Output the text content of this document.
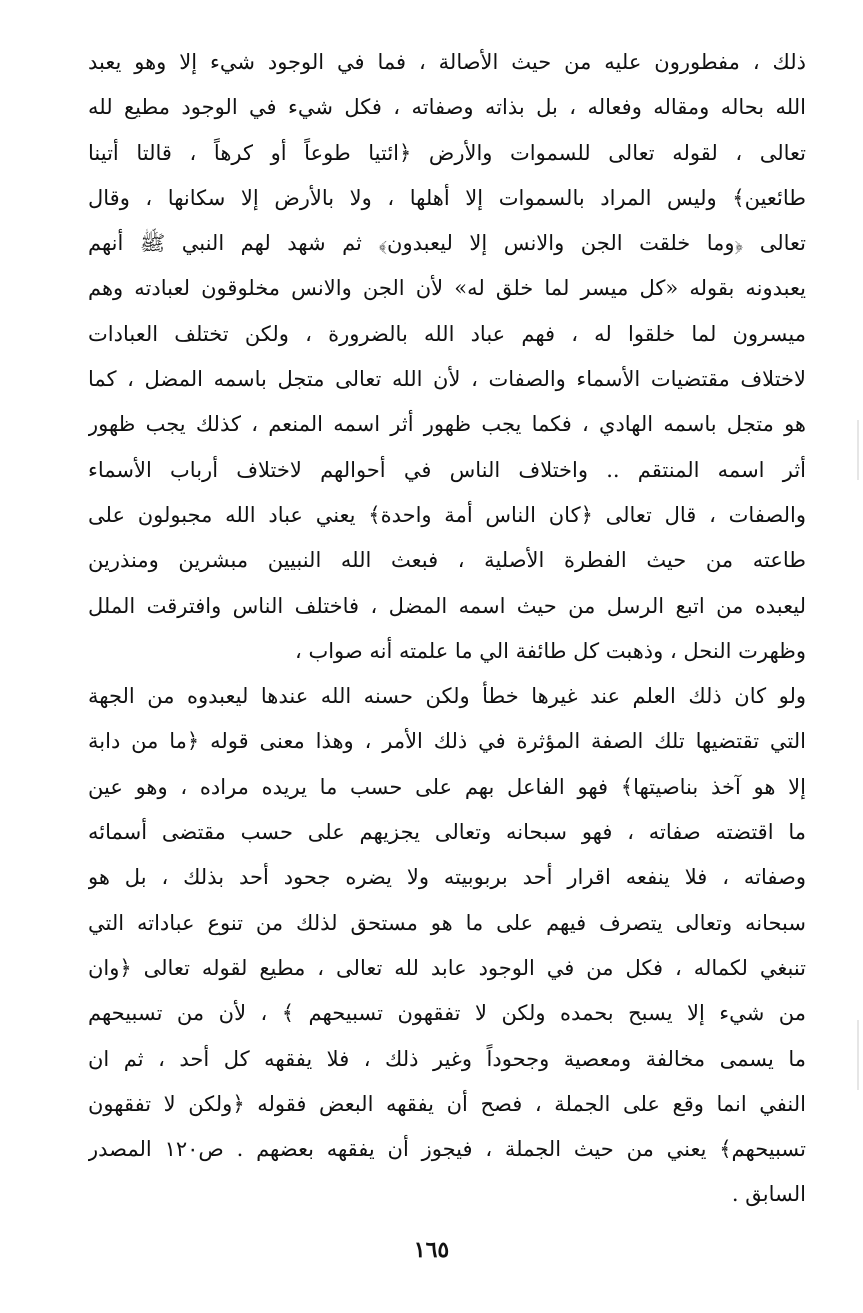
ذلك ، مفطورون عليه من حيث الأصالة ، فما في الوجود شيء إلا وهو يعبد
الله بحاله ومقاله وفعاله ، بل بذاته وصفاته ، فكل شيء في الوجود مطيع لله
تعالى ، لقوله تعالى للسموات والأرض ﴿ائتيا طوعاً أو كرهاً ، قالتا أتينا
طائعين﴾ وليس المراد بالسموات إلا أهلها ، ولا بالأرض إلا سكانها ، وقال
تعالى ﴿وما خلقت الجن والانس إلا ليعبدون﴾ ثم شهد لهم النبي ﷺ أنهم
يعبدونه بقوله «كل ميسر لما خلق له» لأن الجن والانس مخلوقون لعبادته وهم
ميسرون لما خلقوا له ، فهم عباد الله بالضرورة ، ولكن تختلف العبادات
لاختلاف مقتضيات الأسماء والصفات ، لأن الله تعالى متجل باسمه المضل ، كما
هو متجل باسمه الهادي ، فكما يجب ظهور أثر اسمه المنعم ، كذلك يجب ظهور
أثر اسمه المنتقم .. واختلاف الناس في أحوالهم لاختلاف أرباب الأسماء
والصفات ، قال تعالى ﴿كان الناس أمة واحدة﴾ يعني عباد الله مجبولون على
طاعته من حيث الفطرة الأصلية ، فبعث الله النبيين مبشرين ومنذرين
ليعبده من اتبع الرسل من حيث اسمه المضل ، فاختلف الناس وافترقت الملل
وظهرت النحل ، وذهبت كل طائفة الي ما علمته أنه صواب ،
ولو كان ذلك العلم عند غيرها خطأ ولكن حسنه الله عندها ليعبدوه من الجهة
التي تقتضيها تلك الصفة المؤثرة في ذلك الأمر ، وهذا معنى قوله ﴿ما من دابة
إلا هو آخذ بناصيتها﴾ فهو الفاعل بهم على حسب ما يريده مراده ، وهو عين
ما اقتضته صفاته ، فهو سبحانه وتعالى يجزيهم على حسب مقتضى أسمائه
وصفاته ، فلا ينفعه اقرار أحد بربوبيته ولا يضره جحود أحد بذلك ، بل هو
سبحانه وتعالى يتصرف فيهم على ما هو مستحق لذلك من تنوع عباداته التي
تنبغي لكماله ، فكل من في الوجود عابد لله تعالى ، مطيع لقوله تعالى ﴿وان
من شيء إلا يسبح بحمده ولكن لا تفقهون تسبيحهم ﴾ ، لأن من تسبيحهم
ما يسمى مخالفة ومعصية وجحوداً وغير ذلك ، فلا يفقهه كل أحد ، ثم ان
النفي انما وقع على الجملة ، فصح أن يفقهه البعض فقوله ﴿ولكن لا تفقهون
تسبيحهم﴾ يعني من حيث الجملة ، فيجوز أن يفقهه بعضهم . ص١٢٠ المصدر
السابق .
١٦٥
